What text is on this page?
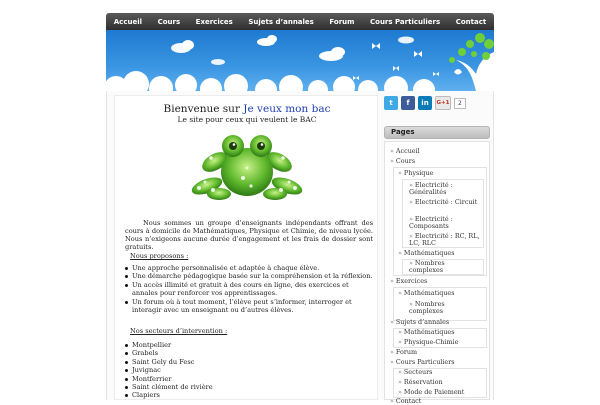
Accueil Cours Exercices Sujets d’annales Forum Cours Particuliers Contact
Bienvenue sur Je veux mon bac
Le site pour ceux qui veulent le BAC

Nous sommes un groupe d’enseignants indépendants offrant des cours à domicile de Mathématiques, Physique et Chimie, de niveau lycée. Nous n’exigeons aucune durée d’engagement et les frais de dossier sont gratuits.

Nous proposons :
Une approche personnalisée et adaptée à chaque élève.
Une démarche pédagogique basée sur la compréhension et la réflexion.
Un accès illimité et gratuit à des cours en ligne, des exercices et annales pour renforcer vos apprentissages.
Un forum où à tout moment, l’élève peut s’informer, interroger et interagir avec un enseignant ou d’autres élèves.
Nos secteurs d’intervention :
Montpellier
Grabels
Saint Gely du Fesc
Juvignac
Montferrier
Saint clément de rivière
Clapiers
t	f	in	G+1	2
Pages
» Accueil
» Cours
» Physique
» Electricité : Généralités
» Electricité : Circuit
» Electricité : Composants
» Electricité : RC, RL, LC, RLC
» Mathématiques
» Nombres complexes
» Exercices
» Mathématiques
» Nombres complexes
» Sujets d’annales
» Mathématiques
» Physique-Chimie
» Forum
» Cours Particuliers
» Secteurs
» Réservation
» Mode de Paiement
» Contact
